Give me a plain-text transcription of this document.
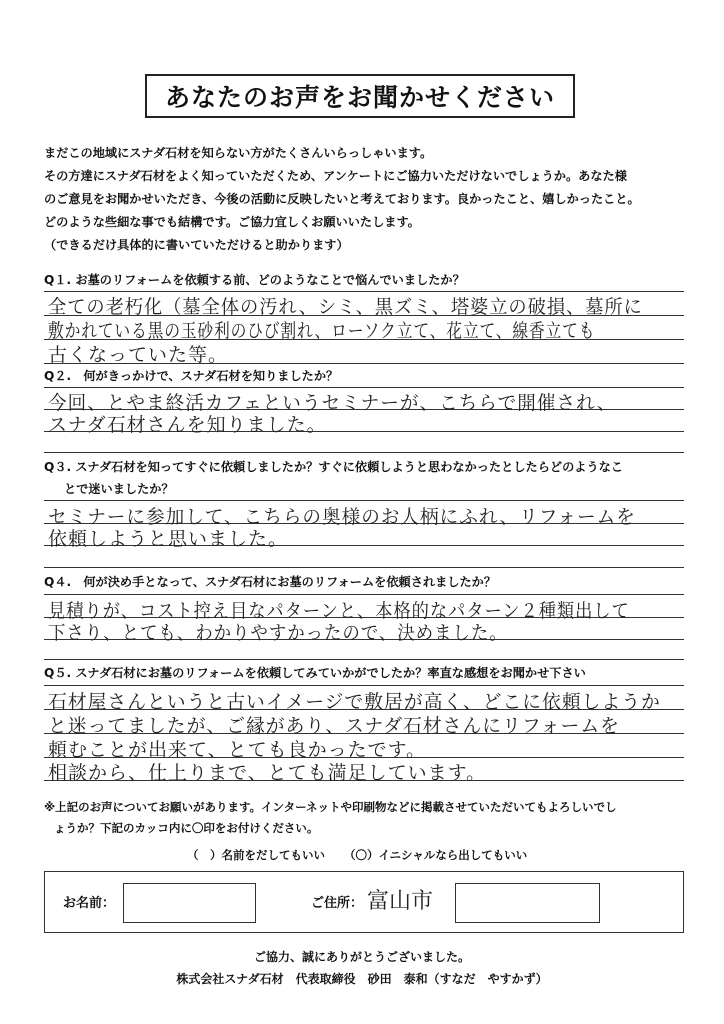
あなたのお声をお聞かせください
まだこの地域にスナダ石材を知らない方がたくさんいらっしゃいます。
その方達にスナダ石材をよく知っていただくため、アンケートにご協力いただけないでしょうか。あなた様
のご意見をお聞かせいただき、今後の活動に反映したいと考えております。良かったこと、嬉しかったこと。
どのような些細な事でも結構です。ご協力宜しくお願いいたします。
（できるだけ具体的に書いていただけると助かります）
Q１. お墓のリフォームを依頼する前、どのようなことで悩んでいましたか？
全ての老朽化（墓全体の汚れ、シミ、黒ズミ、塔婆立の破損、墓所に
敷かれている黒の玉砂利のひび割れ、ローソク立て、花立て、線香立ても
古くなっていた等。
Q２.　何がきっかけで、スナダ石材を知りましたか？
今回、とやま終活カフェというセミナーが、こちらで開催され、
スナダ石材さんを知りました。
Q３. スナダ石材を知ってすぐに依頼しましたか？すぐに依頼しようと思わなかったとしたらどのようなこ
とで迷いましたか？
セミナーに参加して、こちらの奥様のお人柄にふれ、リフォームを
依頼しようと思いました。
Q４.　何が決め手となって、スナダ石材にお墓のリフォームを依頼されましたか？
見積りが、コスト控え目なパターンと、本格的なパターン２種類出して
下さり、とても、わかりやすかったので、決めました。
Q５. スナダ石材にお墓のリフォームを依頼してみていかがでしたか？率直な感想をお聞かせ下さい
石材屋さんというと古いイメージで敷居が高く、どこに依頼しようか
と迷ってましたが、ご縁があり、スナダ石材さんにリフォームを
頼むことが出来て、とても良かったです。
相談から、仕上りまで、とても満足しています。
※上記のお声についてお願いがあります。インターネットや印刷物などに掲載させていただいてもよろしいでし
ょうか？下記のカッコ内に〇印をお付けください。
（　）名前をだしてもいい （〇）イニシャルなら出してもいい
お名前：	ご住所： 富山市
ご協力、誠にありがとうございました。
株式会社スナダ石材　代表取締役　砂田　泰和（すなだ　やすかず）
